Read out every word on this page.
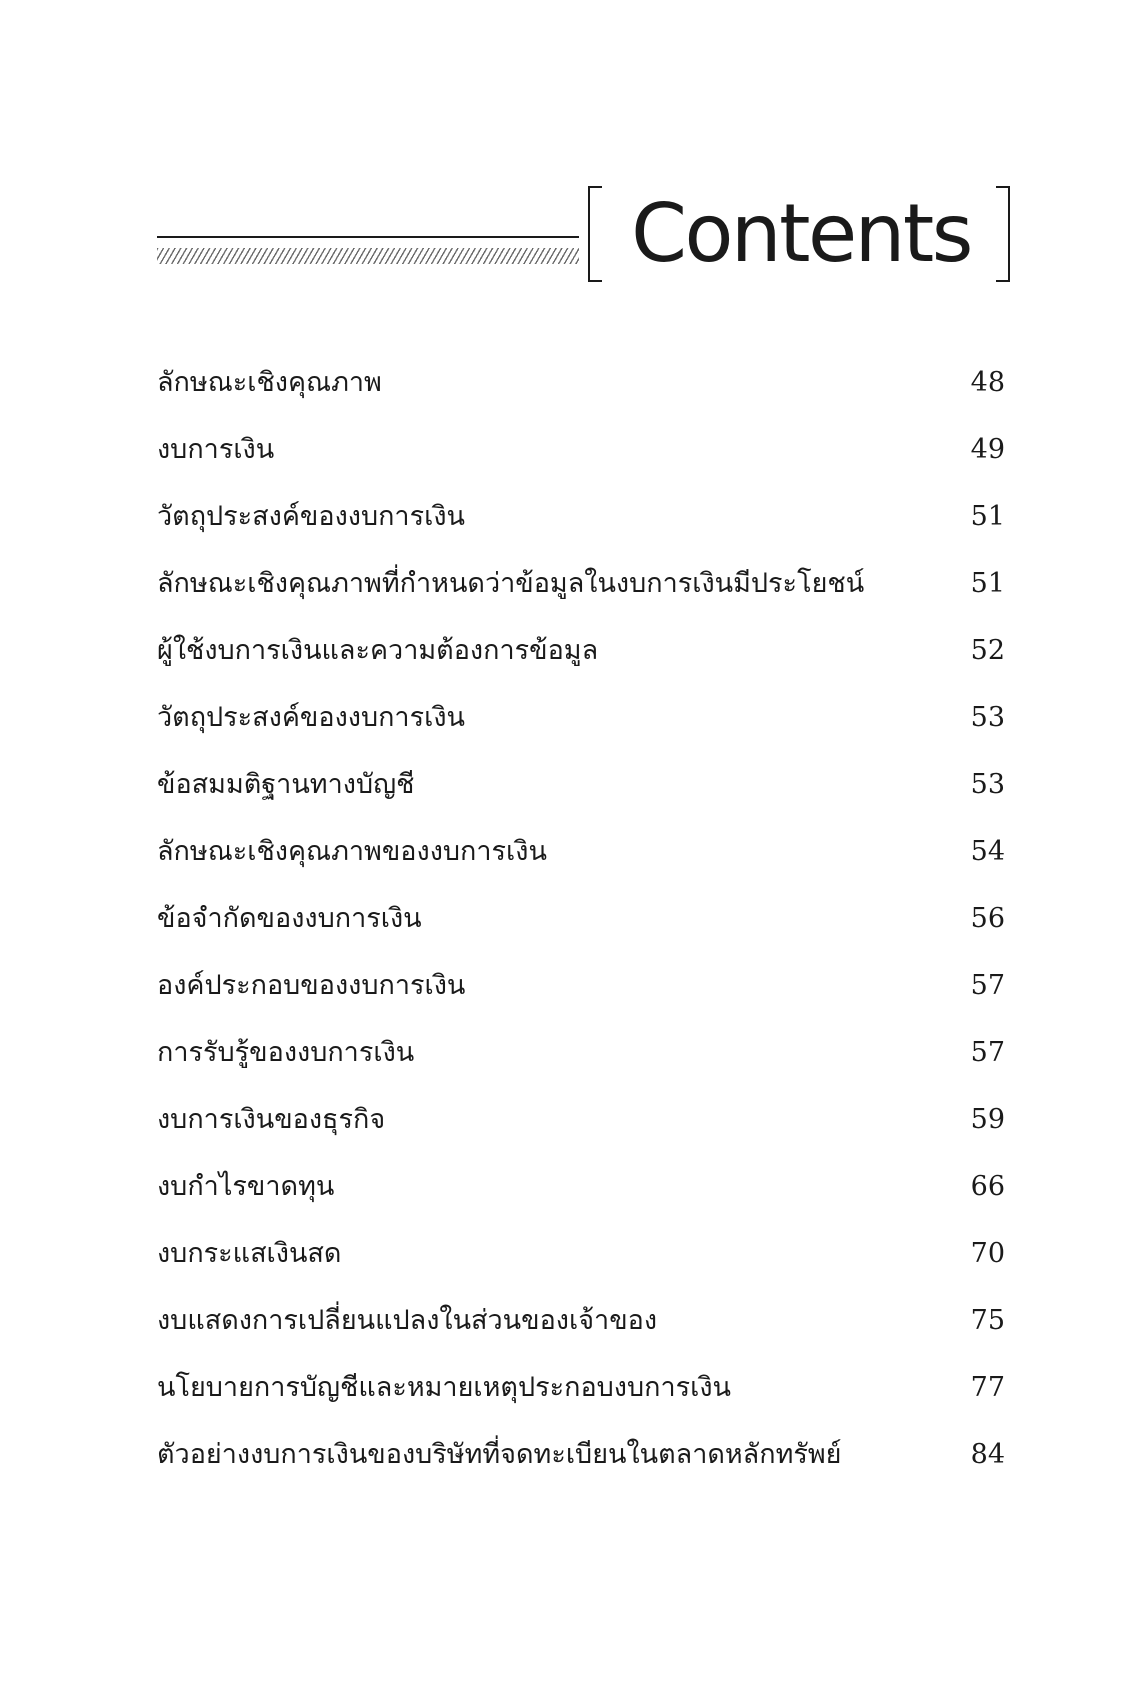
Contents
ลักษณะเชิงคุณภาพ	48
งบการเงิน	49
วัตถุประสงค์ของงบการเงิน	51
ลักษณะเชิงคุณภาพที่กำหนดว่าข้อมูลในงบการเงินมีประโยชน์	51
ผู้ใช้งบการเงินและความต้องการข้อมูล	52
วัตถุประสงค์ของงบการเงิน	53
ข้อสมมติฐานทางบัญชี	53
ลักษณะเชิงคุณภาพของงบการเงิน	54
ข้อจำกัดของงบการเงิน	56
องค์ประกอบของงบการเงิน	57
การรับรู้ของงบการเงิน	57
งบการเงินของธุรกิจ	59
งบกำไรขาดทุน	66
งบกระแสเงินสด	70
งบแสดงการเปลี่ยนแปลงในส่วนของเจ้าของ	75
นโยบายการบัญชีและหมายเหตุประกอบงบการเงิน	77
ตัวอย่างงบการเงินของบริษัทที่จดทะเบียนในตลาดหลักทรัพย์	84
